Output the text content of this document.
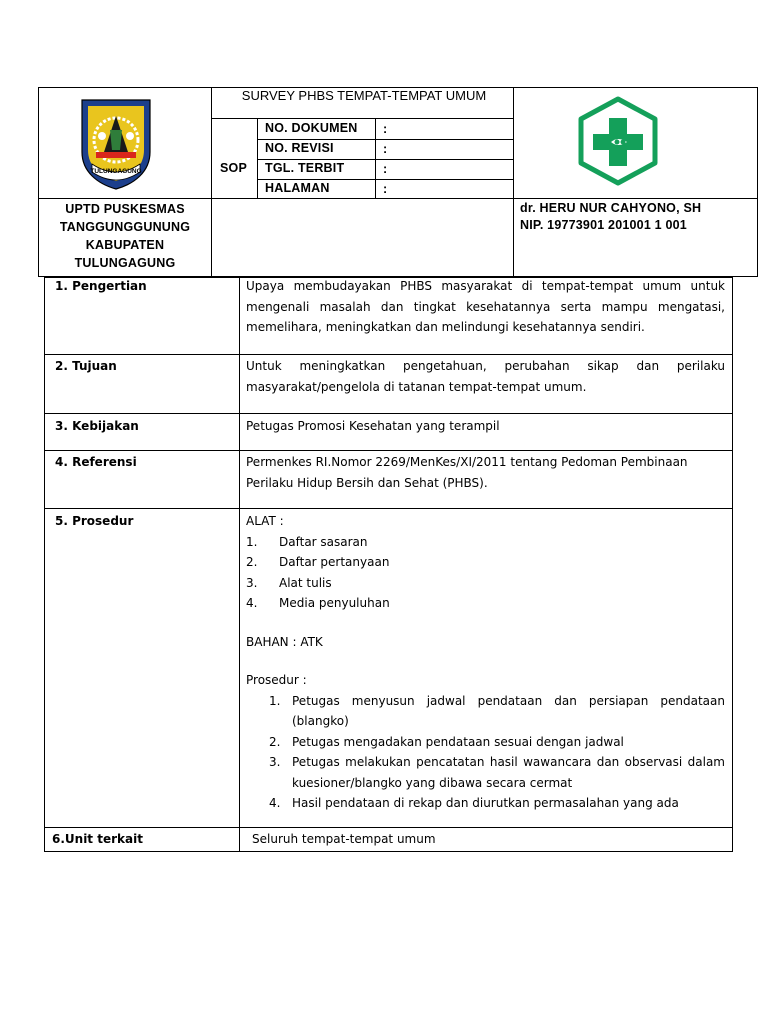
TULUNGAGUNG
SURVEY PHBS TEMPAT-TEMPAT UMUM
SOP
NO. DOKUMEN :
NO. REVISI	:
TGL. TERBIT	:
HALAMAN	:
UPTD PUSKESMAS
TANGGUNGGUNUNG
KABUPATEN
TULUNGAGUNG
dr. HERU NUR CAHYONO, SH
NIP. 19773901 201001 1 001
1. Pengertian	Upaya membudayakan PHBS masyarakat di tempat-tempat umum untuk mengenali masalah dan tingkat kesehatannya serta mampu mengatasi, memelihara, meningkatkan dan melindungi kesehatannya sendiri.
2. Tujuan	Untuk meningkatkan pengetahuan, perubahan sikap dan perilaku masyarakat/pengelola di tatanan tempat-tempat umum.
3. Kebijakan	Petugas Promosi Kesehatan yang terampil
4. Referensi	Permenkes RI.Nomor 2269/MenKes/XI/2011 tentang Pedoman Pembinaan Perilaku Hidup Bersih dan Sehat (PHBS).
5. Prosedur	ALAT :
1. Daftar sasaran
2. Daftar pertanyaan
3. Alat tulis
4. Media penyuluhan
BAHAN : ATK
Prosedur :
1. Petugas menyusun jadwal pendataan dan persiapan pendataan (blangko)
2. Petugas mengadakan pendataan sesuai dengan jadwal
3. Petugas melakukan pencatatan hasil wawancara dan observasi dalam kuesioner/blangko yang dibawa secara cermat
4. Hasil pendataan di rekap dan diurutkan permasalahan yang ada
6.Unit terkait	Seluruh tempat-tempat umum
